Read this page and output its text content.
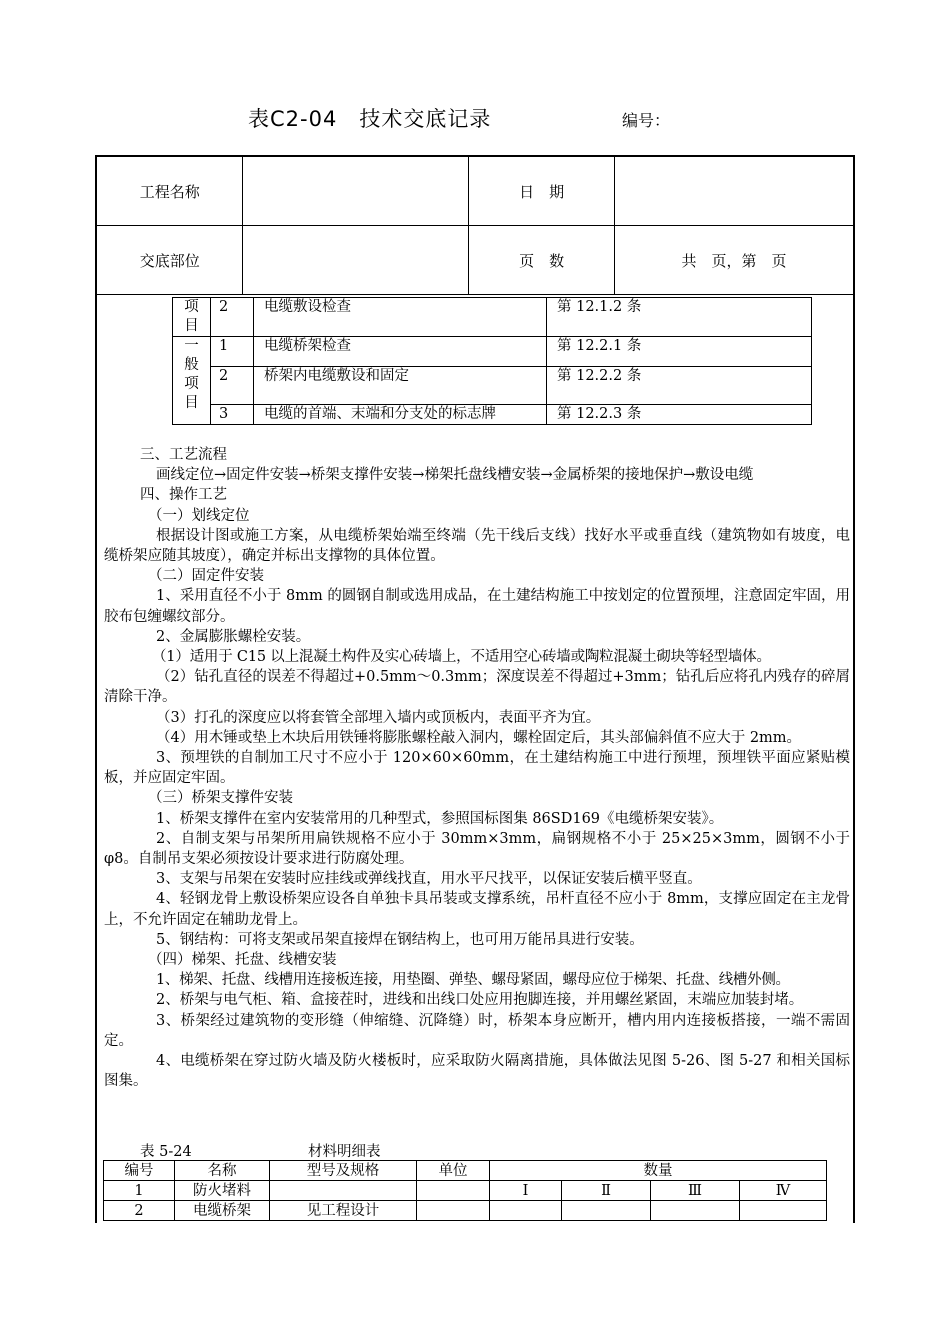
表C2-04　技术交底记录	编号：
工程名称		日　期	
交底部位		页　数	共　页，第　页
项目	2	电缆敷设检查	第 12.1.2 条
一般项目	1	电缆桥架检查	第 12.2.1 条
	2	桥架内电缆敷设和固定	第 12.2.2 条
	3	电缆的首端、末端和分支处的标志牌	第 12.2.3 条

三、工艺流程

画线定位→固定件安装→桥架支撑件安装→梯架托盘线槽安装→金属桥架的接地保护→敷设电缆

四、操作工艺

（一）划线定位

根据设计图或施工方案，从电缆桥架始端至终端（先干线后支线）找好水平或垂直线（建筑物如有坡度，电缆桥架应随其坡度），确定并标出支撑物的具体位置。

（二）固定件安装

1、采用直径不小于 8mm 的圆钢自制或选用成品，在土建结构施工中按划定的位置预埋，注意固定牢固，用胶布包缠螺纹部分。

2、金属膨胀螺栓安装。

（1）适用于 C15 以上混凝土构件及实心砖墙上，不适用空心砖墙或陶粒混凝土砌块等轻型墙体。

（2）钻孔直径的误差不得超过+0.5mm～0.3mm；深度误差不得超过+3mm；钻孔后应将孔内残存的碎屑清除干净。

（3）打孔的深度应以将套管全部埋入墙内或顶板内，表面平齐为宜。

（4）用木锤或垫上木块后用铁锤将膨胀螺栓敲入洞内，螺栓固定后，其头部偏斜值不应大于 2mm。

3、预埋铁的自制加工尺寸不应小于 120×60×60mm，在土建结构施工中进行预埋，预埋铁平面应紧贴模板，并应固定牢固。

（三）桥架支撑件安装

1、桥架支撑件在室内安装常用的几种型式，参照国标图集 86SD169《电缆桥架安装》。

2、自制支架与吊架所用扁铁规格不应小于 30mm×3mm，扁钢规格不小于 25×25×3mm，圆钢不小于 φ8。自制吊支架必须按设计要求进行防腐处理。

3、支架与吊架在安装时应挂线或弹线找直，用水平尺找平，以保证安装后横平竖直。

4、轻钢龙骨上敷设桥架应设各自单独卡具吊装或支撑系统，吊杆直径不应小于 8mm，支撑应固定在主龙骨上，不允许固定在辅助龙骨上。

5、钢结构：可将支架或吊架直接焊在钢结构上，也可用万能吊具进行安装。

（四）梯架、托盘、线槽安装

1、梯架、托盘、线槽用连接板连接，用垫圈、弹垫、螺母紧固，螺母应位于梯架、托盘、线槽外侧。

2、桥架与电气柜、箱、盒接茬时，进线和出线口处应用抱脚连接，并用螺丝紧固，末端应加装封堵。

3、桥架经过建筑物的变形缝（伸缩缝、沉降缝）时，桥架本身应断开，槽内用内连接板搭接，一端不需固定。

4、电缆桥架在穿过防火墙及防火楼板时，应采取防火隔离措施，具体做法见图 5-26、图 5-27 和相关国标图集。

表 5-24	材料明细表
编号	名称	型号及规格	单位	数量			
1	防火堵料			Ⅰ	Ⅱ	Ⅲ	Ⅳ
2	电缆桥架	见工程设计					
